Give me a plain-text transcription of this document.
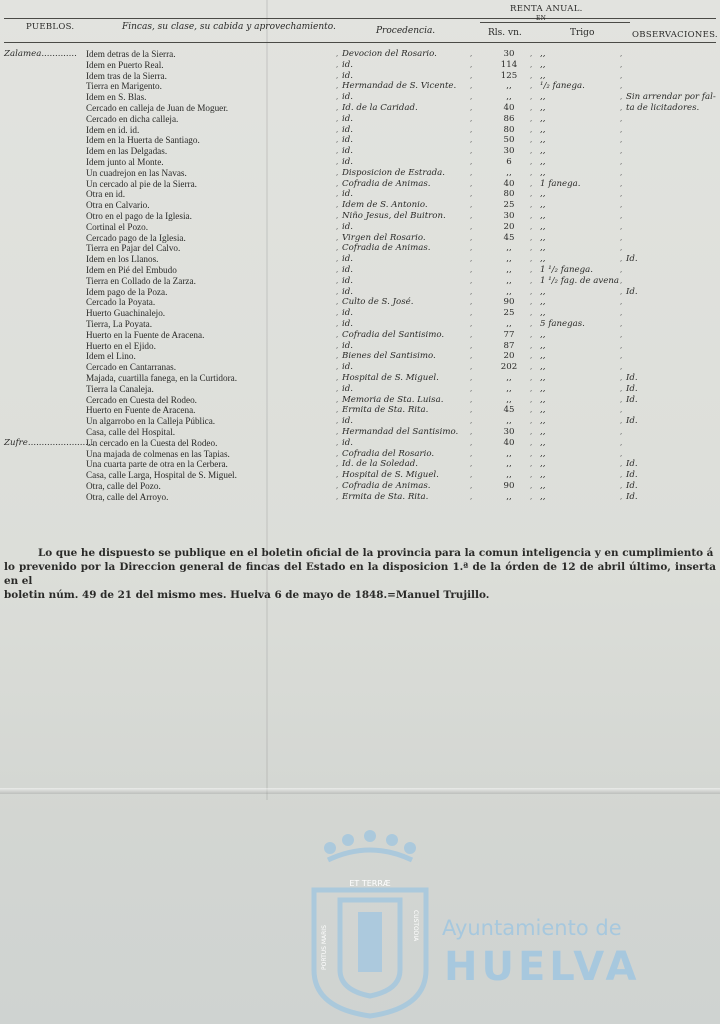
PUEBLOS.	Fincas, su clase, su cabida y aprovechamiento.	Procedencia.
RENTA ANUAL.
EN
Rls. vn.	Trigo	OBSERVACIONES.
Zalamea............. Idem detras de la Sierra.	Devocion del Rosario.	30	,,
,	,	,	,
Idem en Puerto Real.	id.	114	,,
,	,	,	,
Idem tras de la Sierra.	id.	125	,,
,	,	,	,
Tierra en Marigento.	Hermandad de S. Vicente.	,,	¹/₂ fanega.
,	,	,	,
Idem en S. Blas.	id.	,,	,,	Sin arrendar por fal-
,	,	,	,
Cercado en calleja de Juan de Moguer.	Id. de la Caridad.	40	,,	ta de licitadores.
,	,	,	,
Cercado en dicha calleja.	id.	86	,,
,	,	,	,
Idem en id. id.	id.	80	,,
,	,	,	,
Idem en la Huerta de Santiago.	id.	50	,,
,	,	,	,
Idem en las Delgadas.	id.	30	,,
,	,	,	,
Idem junto al Monte.	id.	6	,,
,	,	,	,
Un cuadrejon en las Navas.	Disposicion de Estrada.	,,	,,
,	,	,	,
Un cercado al pie de la Sierra.	Cofradia de Animas.	40	1 fanega.
,	,	,	,
Otra en id.	id.	80	,,
,	,	,	,
Otra en Calvario.	Idem de S. Antonio.	25	,,
,	,	,	,
Otro en el pago de la Iglesia.	Niño Jesus, del Buitron.	30	,,
,	,	,	,
Cortinal el Pozo.	id.	20	,,
,	,	,	,
Cercado pago de la Iglesia.	Virgen del Rosario.	45	,,
,	,	,	,
Tierra en Pajar del Calvo.	Cofradia de Animas.	,,	,,
,	,	,	,
Idem en los Llanos.	id.	,,	,,	Id.
,	,	,	,
Idem en Pié del Embudo	id.	,,	1 ¹/₂ fanega.
,	,	,	,
Tierra en Collado de la Zarza.	id.	,,	1 ¹/₂ fag. de avena
,	,	,	,
Idem pago de la Poza.	id.	,,	,,	Id.
,	,	,	,
Cercado la Poyata.	Culto de S. José.	90	,,
,	,	,	,
Huerto Guachinalejo.	id.	25	,,
,	,	,	,
Tierra, La Poyata.	id.	,,	5 fanegas.
,	,	,	,
Huerto en la Fuente de Aracena.	Cofradia del Santisimo.	77	,,
,	,	,	,
Huerto en el Ejido.	id.	87	,,
,	,	,	,
Idem el Lino.	Bienes del Santisimo.	20	,,
,	,	,	,
Cercado en Cantarranas.	id.	202	,,
,	,	,	,
Majada, cuartilla fanega, en la Curtidora.	Hospital de S. Miguel.	,,	,,	Id.
,	,	,	,
Tierra la Canaleja.	id.	,,	,,	Id.
,	,	,	,
Cercado en Cuesta del Rodeo.	Memoria de Sta. Luisa.	,,	,,	Id.
,	,	,	,
Huerto en Fuente de Aracena.	Ermita de Sta. Rita.	45	,,
,	,	,	,
Un algarrobo en la Calleja Pública.	id.	,,	,,	Id.
,	,	,	,
Casa, calle del Hospital.	Hermandad del Santisimo.	30	,,
,	,	,	,
Zufre........................
Un cercado en la Cuesta del Rodeo.	id.	40	,,
,	,	,	,
Una majada de colmenas en las Tapias.	Cofradia del Rosario.	,,	,,
,	,	,	,
Una cuarta parte de otra en la Cerbera.	Id. de la Soledad.	,,	,,	Id.
,	,	,	,
Casa, calle Larga, Hospital de S. Miguel.	Hospital de S. Miguel.	,,	,,	Id.
,	,	,	,
Otra, calle del Pozo.	Cofradia de Animas.	90	,,	Id.
,	,	,	,
Otra, calle del Arroyo.	Ermita de Sta. Rita.	,,	,,	Id.
,	,	,	,
Lo que he dispuesto se publique en el boletin oficial de la provincia para la comun inteligencia y en cumplimiento á
lo prevenido por la Direccion general de fincas del Estado en la disposicion 1.ª de la órden de 12 de abril último, inserta en el
boletin núm. 49 de 21 del mismo mes. Huelva 6 de mayo de 1848.=Manuel Trujillo.
ET TERRÆ
PORTUS MARIS	CUSTODIA Ayuntamiento de
HUELVA
